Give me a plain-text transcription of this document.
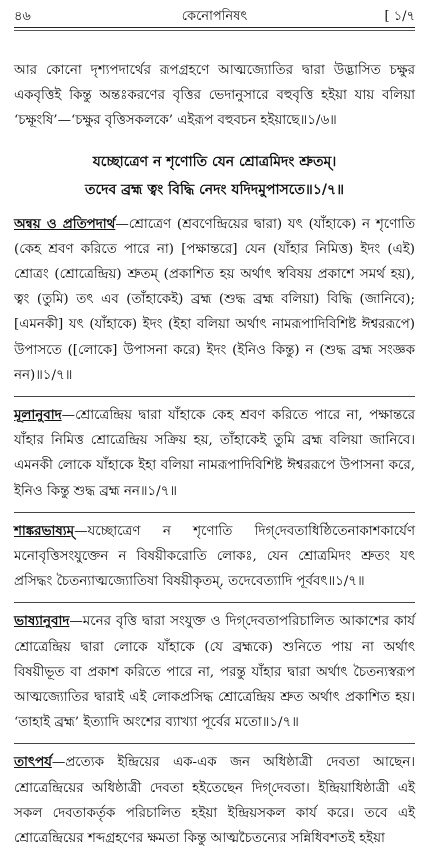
৪৬	কেনোপনিষৎ	[ ১/৭

আর কোনো দৃশ্যপদার্থের রূপগ্রহণে আত্মজ্যোতির দ্বারা উদ্ভাসিত চক্ষুর একবৃত্তিই কিন্তু অন্তঃকরণের বৃত্তির ভেদানুসারে বহুবৃত্তি হইয়া যায় বলিয়া ‘চক্ষূংষি’—‘চক্ষুর বৃত্তিসকলকে’ এইরূপ বহুবচন হইয়াছে॥১/৬॥

যচ্ছোত্রেণ ন শৃণোতি যেন শ্রোত্রমিদং শ্রুতম্‌।
তদেব ব্রহ্ম ত্বং বিদ্ধি নেদং যদিদমুপাসতে॥১/৭॥

অন্বয় ও প্রতিপদার্থ—শ্রোত্রেণ (শ্রবণেন্দ্রিয়ের দ্বারা) যৎ (যাঁহাকে) ন শৃণোতি (কেহ শ্রবণ করিতে পারে না) [পক্ষান্তরে] যেন (যাঁহার নিমিত্ত) ইদং (এই) শ্রোত্রং (শ্রোত্রেন্দ্রিয়) শ্রুতম্‌ (প্রকাশিত হয় অর্থাৎ স্ববিষয় প্রকাশে সমর্থ হয়), ত্বং (তুমি) তৎ এব (তাঁহাকেই) ব্রহ্ম (শুদ্ধ ব্রহ্ম বলিয়া) বিদ্ধি (জানিবে); [এমনকী] যৎ (যাঁহাকে) ইদং (ইহা বলিয়া অর্থাৎ নামরূপাদিবিশিষ্ট ঈশ্বররূপে) উপাসতে ([লোকে] উপাসনা করে) ইদং (ইনিও কিন্তু) ন (শুদ্ধ ব্রহ্ম সংজ্ঞক নন)॥১/৭॥

মূলানুবাদ—শ্রোত্রেন্দ্রিয় দ্বারা যাঁহাকে কেহ শ্রবণ করিতে পারে না, পক্ষান্তরে যাঁহার নিমিত্ত শ্রোত্রেন্দ্রিয় সক্রিয় হয়, তাঁহাকেই তুমি ব্রহ্ম বলিয়া জানিবে। এমনকী লোকে যাঁহাকে ইহা বলিয়া নামরূপাদিবিশিষ্ট ঈশ্বররূপে উপাসনা করে, ইনিও কিন্তু শুদ্ধ ব্রহ্ম নন॥১/৭॥

শাঙ্করভাষ্যম্‌—যচ্ছোত্রেণ ন শৃণোতি দিগ্‌দেবতাধিষ্ঠিতেনাকাশকার্যেণ মনোবৃত্তিসংযুক্তেন ন বিষয়ীকরোতি লোকঃ, যেন শ্রোত্রমিদং শ্রুতং যৎ প্রসিদ্ধং চৈতন্যাত্মজ্যোতিষা বিষয়ীকৃতম্‌, তদেবেত্যাদি পূর্ববৎ॥১/৭॥

ভাষ্যানুবাদ—মনের বৃত্তি দ্বারা সংযুক্ত ও দিগ্‌দেবতাপরিচালিত আকাশের কার্য শ্রোত্রেন্দ্রিয় দ্বারা লোকে যাঁহাকে (যে ব্রহ্মকে) শুনিতে পায় না অর্থাৎ বিষয়ীভূত বা প্রকাশ করিতে পারে না, পরন্তু যাঁহার দ্বারা অর্থাৎ চৈতন্যস্বরূপ আত্মজ্যোতির দ্বারাই এই লোকপ্রসিদ্ধ শ্রোত্রেন্দ্রিয় শ্রুত অর্থাৎ প্রকাশিত হয়। ‘তাহাই ব্রহ্ম’ ইত্যাদি অংশের ব্যাখ্যা পূর্বের মতো॥১/৭॥

তাৎপর্য—প্রত্যেক ইন্দ্রিয়ের এক-এক জন অধিষ্ঠাত্রী দেবতা আছেন। শ্রোত্রেন্দ্রিয়ের অধিষ্ঠাত্রী দেবতা হইতেছেন দিগ্‌দেবতা। ইন্দ্রিয়াধিষ্ঠাত্রী এই সকল দেবতাকর্তৃক পরিচালিত হইয়া ইন্দ্রিয়সকল কার্য করে। তবে এই শ্রোত্রেন্দ্রিয়ের শব্দগ্রহণের ক্ষমতা কিন্তু আত্মচৈতন্যের সন্নিধিবশতই হইয়া
